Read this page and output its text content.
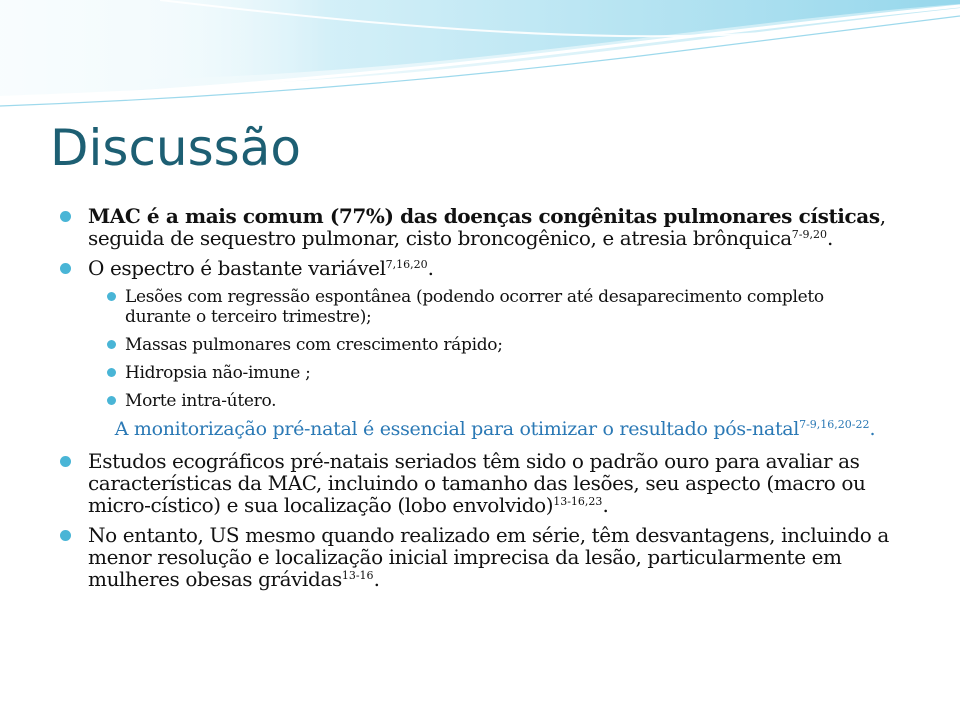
Discussão
MAC é a mais comum (77%) das doenças congênitas pulmonares císticas, seguida de sequestro pulmonar, cisto broncogênico, e atresia brônquica$^{7-9,20}$.
O espectro é bastante variável$^{7,16,20}$.
Lesões com regressão espontânea (podendo ocorrer até desaparecimento completo durante o terceiro trimestre);
Massas pulmonares com crescimento rápido;
Hidropsia não-imune ;
Morte intra-útero.
A monitorização pré-natal é essencial para otimizar o resultado pós-natal$^{7-9,16,20-22}$.
Estudos ecográficos pré-natais seriados têm sido o padrão ouro para avaliar as características da MAC, incluindo o tamanho das lesões, seu aspecto (macro ou micro-cístico) e sua localização (lobo envolvido)$^{13-16,23}$.
No entanto, US mesmo quando realizado em série, têm desvantagens, incluindo a menor resolução e localização inicial imprecisa da lesão, particularmente em mulheres obesas grávidas$^{13-16}$.
